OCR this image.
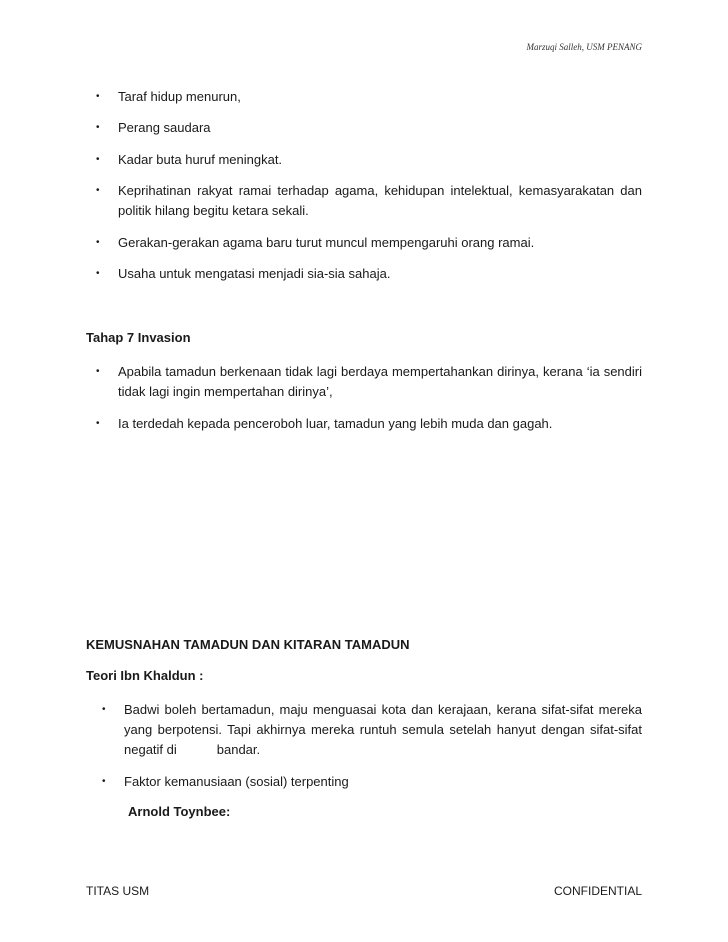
Marzuqi Salleh, USM PENANG
• Taraf hidup menurun,
• Perang saudara
• Kadar buta huruf meningkat.
• Keprihatinan rakyat ramai terhadap agama, kehidupan intelektual, kemasyarakatan dan politik hilang begitu ketara sekali.
• Gerakan-gerakan agama baru turut muncul mempengaruhi orang ramai.
• Usaha untuk mengatasi menjadi sia-sia sahaja.
Tahap 7 Invasion
• Apabila tamadun berkenaan tidak lagi berdaya mempertahankan dirinya, kerana ‘ia sendiri tidak lagi ingin mempertahan dirinya’,
• Ia terdedah kepada penceroboh luar, tamadun yang lebih muda dan gagah.
KEMUSNAHAN TAMADUN DAN KITARAN TAMADUN
Teori Ibn Khaldun :
• Badwi boleh bertamadun, maju menguasai kota dan kerajaan, kerana sifat-sifat mereka yang berpotensi. Tapi akhirnya mereka runtuh semula setelah hanyut dengan sifat-sifat negatif di	bandar.
• Faktor kemanusiaan (sosial) terpenting
Arnold Toynbee:
TITAS USM	CONFIDENTIAL
